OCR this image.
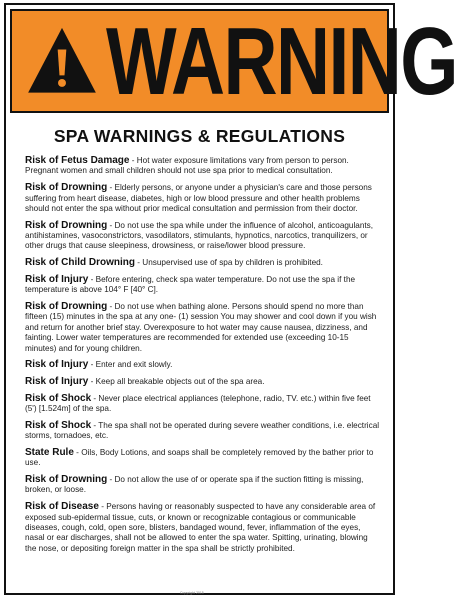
WARNING
SPA WARNINGS & REGULATIONS
Risk of Fetus Damage - Hot water exposure limitations vary from person to person. Pregnant women and small children should not use spa prior to medical consultation.
Risk of Drowning - Elderly persons, or anyone under a physician's care and those persons suffering from heart disease, diabetes, high or low blood pressure and other health problems should not enter the spa without prior medical consultation and permission from their doctor.
Risk of Drowning - Do not use the spa while under the influence of alcohol, anticoagulants, antihistamines, vasoconstrictors, vasodilators, stimulants, hypnotics, narcotics, tranquilizers, or other drugs that cause sleepiness, drowsiness, or raise/lower blood pressure.
Risk of Child Drowning - Unsupervised use of spa by children is prohibited.
Risk of Injury - Before entering, check spa water temperature. Do not use the spa if the temperature is above 104° F [40° C].
Risk of Drowning - Do not use when bathing alone. Persons should spend no more than fifteen (15) minutes in the spa at any one- (1) session You may shower and cool down if you wish and return for another brief stay. Overexposure to hot water may cause nausea, dizziness, and fainting. Lower water temperatures are recommended for extended use (exceeding 10-15 minutes) and for young children.
Risk of Injury - Enter and exit slowly.
Risk of Injury - Keep all breakable objects out of the spa area.
Risk of Shock - Never place electrical appliances (telephone, radio, TV. etc.) within five feet (5') [1.524m] of the spa.
Risk of Shock - The spa shall not be operated during severe weather conditions, i.e. electrical storms, tornadoes, etc.
State Rule - Oils, Body Lotions, and soaps shall be completely removed by the bather prior to use.
Risk of Drowning - Do not allow the use of or operate spa if the suction fitting is missing, broken, or loose.
Risk of Disease - Persons having or reasonably suspected to have any considerable area of exposed sub-epidermal tissue, cuts, or known or recognizable contagious or communicable diseases, cough, cold, open sore, blisters, bandaged wound, fever, inflammation of the eyes, nasal or ear discharges, shall not be allowed to enter the spa water. Spitting, urinating, blowing the nose, or depositing foreign matter in the spa shall be strictly prohibited.
Copyright 2015
